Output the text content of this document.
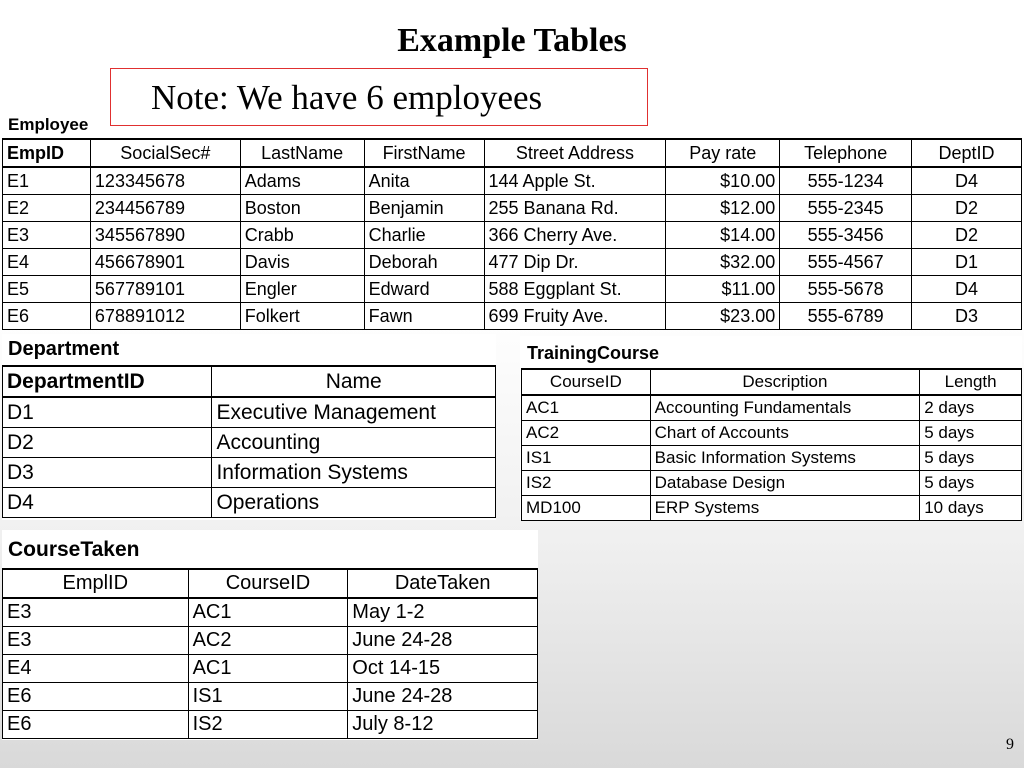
Example Tables
Note: We have 6 employees
Employee
EmpID	SocialSec#	LastName	FirstName	Street Address	Pay rate	Telephone	DeptID
E1	123345678	Adams	Anita	144 Apple St.	$10.00	555-1234	D4
E2	234456789	Boston	Benjamin	255 Banana Rd.	$12.00	555-2345	D2
E3	345567890	Crabb	Charlie	366 Cherry Ave.	$14.00	555-3456	D2
E4	456678901	Davis	Deborah	477 Dip Dr.	$32.00	555-4567	D1
E5	567789101	Engler	Edward	588 Eggplant St.	$11.00	555-5678	D4
E6	678891012	Folkert	Fawn	699 Fruity Ave.	$23.00	555-6789	D3
Department
DepartmentID	Name
D1	Executive Management
D2	Accounting
D3	Information Systems
D4	Operations
TrainingCourse
CourseID	Description	Length
AC1	Accounting Fundamentals	2 days
AC2	Chart of Accounts	5 days
IS1	Basic Information Systems	5 days
IS2	Database Design	5 days
MD100	ERP Systems	10 days
CourseTaken
EmplID	CourseID	DateTaken
E3	AC1	May 1-2
E3	AC2	June 24-28
E4	AC1	Oct 14-15
E6	IS1	June 24-28
E6	IS2	July 8-12
9
